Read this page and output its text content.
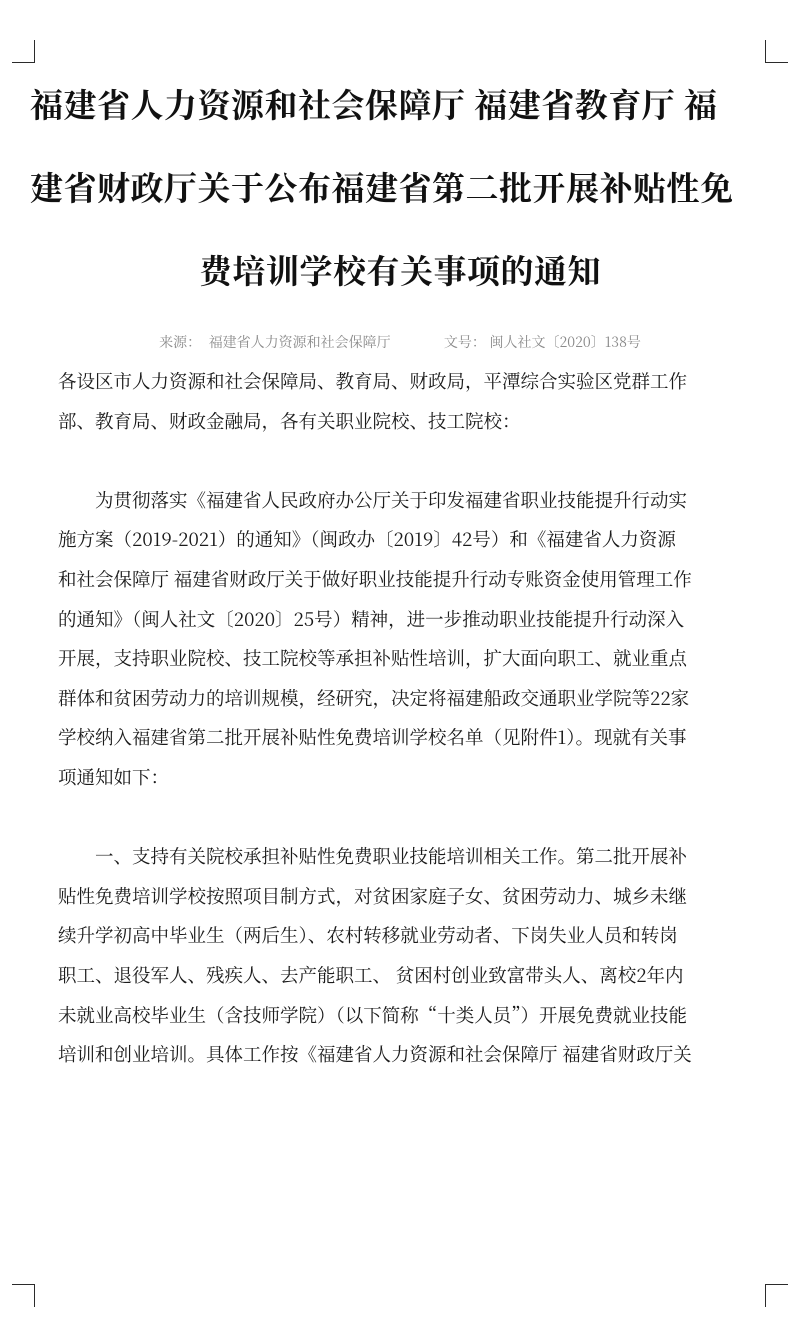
福建省人力资源和社会保障厅 福建省教育厅 福
建省财政厅关于公布福建省第二批开展补贴性免
费培训学校有关事项的通知
来源： 福建省人力资源和社会保障厅	文号： 闽人社文〔2020〕138号
各设区市人力资源和社会保障局、教育局、财政局，平潭综合实验区党群工作
部、教育局、财政金融局，各有关职业院校、技工院校：
为贯彻落实《福建省人民政府办公厅关于印发福建省职业技能提升行动实
施方案（2019-2021）的通知》（闽政办〔2019〕42号）和《福建省人力资源
和社会保障厅 福建省财政厅关于做好职业技能提升行动专账资金使用管理工作
的通知》（闽人社文〔2020〕25号）精神，进一步推动职业技能提升行动深入
开展，支持职业院校、技工院校等承担补贴性培训，扩大面向职工、就业重点
群体和贫困劳动力的培训规模，经研究，决定将福建船政交通职业学院等22家
学校纳入福建省第二批开展补贴性免费培训学校名单（见附件1）。现就有关事
项通知如下：
一、支持有关院校承担补贴性免费职业技能培训相关工作。第二批开展补
贴性免费培训学校按照项目制方式，对贫困家庭子女、贫困劳动力、城乡未继
续升学初高中毕业生（两后生）、农村转移就业劳动者、下岗失业人员和转岗
职工、退役军人、残疾人、去产能职工、 贫困村创业致富带头人、离校2年内
未就业高校毕业生（含技师学院）（以下简称“十类人员”）开展免费就业技能
培训和创业培训。具体工作按《福建省人力资源和社会保障厅 福建省财政厅关
